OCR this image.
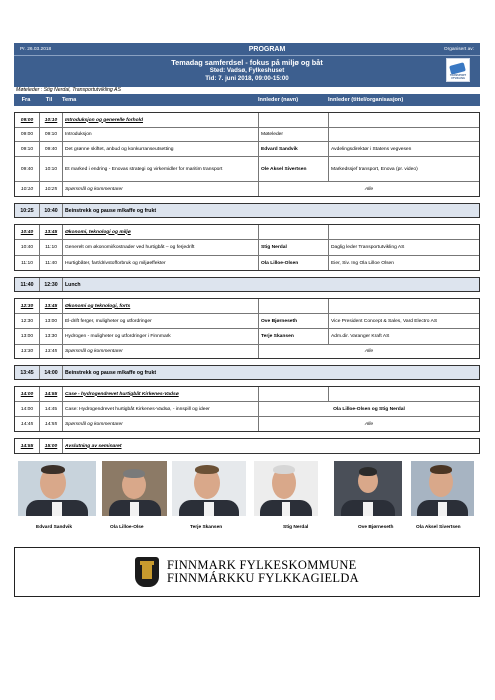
Pr. 26.03.2018	PROGRAM	Organisert av:
Temadag samferdsel - fokus på miljø og båt
Sted: Vadsø, Fylkeshuset
Tid: 7. juni 2018, 09:00-15:00	TRANSPORT UTVIKLING
Møteleder : Stig Nerdal, Transportutvikling AS
Fra	Til	Tema	Innleder (navn)	Innleder (tittel/organisasjon)
09:00	10:10	Introduksjon og generelle forhold
09:00	09:10	Introduksjon	Møteleder
09:10	09:40	Det grønne skiftet, anbud og konkurranseutsetting	Edvard Sandvik	Avdelingsdirektør i Statens vegvesen
09:40	10:10	Et marked i endring - Enovas strategi og virkemidler for maritim transport	Ole Aksel Sivertsen	Markedssjef transport, Enova (pr. video)
10:10	10:25	Spørsmål og kommentarer	Alle
10:25	10:40	Beinstrekk og pause m/kaffe og frukt
10:40	13:45	Økonomi, teknologi og miljø
10:40	11:10	Generelt om økonomi/kostnader ved hurtigbåt – og ferjedrift	Stig Nerdal	Daglig leder Transportutvikling AS
11:10	11:40	Hurtigbåter, fart/drivstofforbruk og miljøeffekter	Ola Lilloe-Olsen	Eier, Siv. Ing Ola Lilloe Olsen
11:40	12:30	Lunch
12:30	13:45	Økonomi og teknologi, forts
12:30	13:00	El-drift ferger, muligheter og utfordringer	Ove Bjørneseth	Vice President Concept & Sales, Vard Electro AS
13:00	13:30	Hydrogen - muligheter og utfordringer i Finnmark	Terje Skansen	Adm.dir. Varanger Kraft AS
13:30	13:45	Spørsmål og kommentarer	Alle
13:45	14:00	Beinstrekk og pause m/kaffe og frukt
14:00	14:55	Case - hydrogendrevet hurtigbåt Kirkenes-Vadsø
14:00	14:45	Case: Hydrogendrevet hurtigbåt Kirkenes-Vadsø, - innspill og ideer	Ola Lilloe-Olsen og Stig Nerdal
14:45	14:55	Spørsmål og kommentarer	Alle
14:55	15:00	Avslutning av seminaret
Edvard Sandvik	Ola Lilloe-Olse	Terje Skansen	Stig Nerdal	Ove Bjørneseth	Ola Aksel Sivertsen
FINNMARK FYLKESKOMMUNE
FINNMÁRKKU FYLKKAGIELDA
